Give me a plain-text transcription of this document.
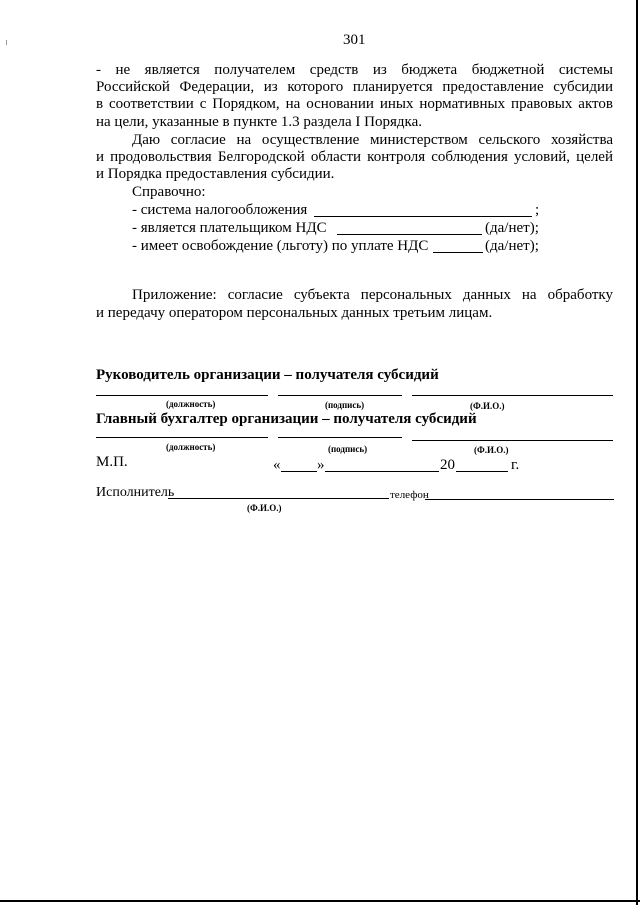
301
- не является получателем средств из бюджета бюджетной системы
Российской Федерации, из которого планируется предоставление субсидии
в соответствии с Порядком, на основании иных нормативных правовых актов
на цели, указанные в пункте 1.3 раздела I Порядка.
Даю согласие на осуществление министерством сельского хозяйства
и продовольствия Белгородской области контроля соблюдения условий, целей
и Порядка предоставления субсидии.
Справочно:
- система налогообложения	;
- является плательщиком НДС	(да/нет);
- имеет освобождение (льготу) по уплате НДС	(да/нет);
Приложение: согласие субъекта персональных данных на обработку
и передачу оператором персональных данных третьим лицам.
Руководитель организации – получателя субсидий
(должность)	(подпись)	(Ф.И.О.)
Главный бухгалтер организации – получателя субсидий
(должность)	(подпись)	(Ф.И.О.)
М.П.	« »	20	г.
Исполнитель	телефон
(Ф.И.О.)
